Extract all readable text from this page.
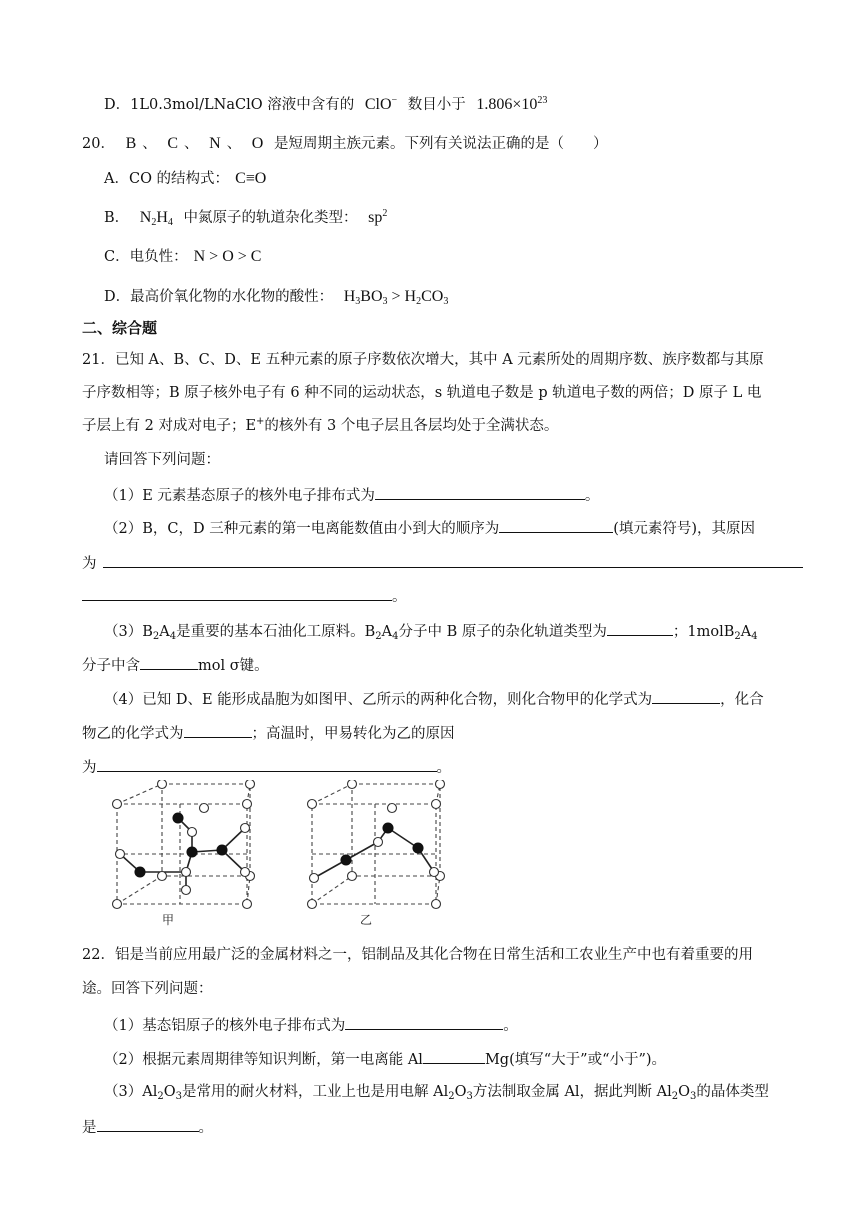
D．1L0.3mol/LNaClO 溶液中含有的 ClO− 数目小于 $1.806\times 10^{23}$
20． B 、 C 、 N 、 O 是短周期主族元素。下列有关说法正确的是（　　）
A．CO 的结构式： C≡O
B． $N_2H_4$ 中氮原子的轨道杂化类型： $sp^2$
C．电负性： N > O > C
D．最高价氧化物的水化物的酸性： $H_3BO_3 > H_2CO_3$
二、综合题
21．已知 A、B、C、D、E 五种元素的原子序数依次增大，其中 A 元素所处的周期序数、族序数都与其原
子序数相等；B 原子核外电子有 6 种不同的运动状态，s 轨道电子数是 p 轨道电子数的两倍；D 原子 L 电
子层上有 2 对成对电子；E+的核外有 3 个电子层且各层均处于全满状态。
请回答下列问题：
（1）E 元素基态原子的核外电子排布式为	。
（2）B，C，D 三种元素的第一电离能数值由小到大的顺序为	(填元素符号)，其原因
为
。
$(3)B_2A_4$是重要的基本石油化工原料。$B_2A_4$分子中 B 原子的杂化轨道类型为	；$1molB_2A_4$
分子中含	mol σ键。
（4）已知 D、E 能形成晶胞为如图甲、乙所示的两种化合物，则化合物甲的化学式为	，化合
物乙的化学式为	；高温时，甲易转化为乙的原因
为	。
甲	乙
22．铝是当前应用最广泛的金属材料之一，铝制品及其化合物在日常生活和工农业生产中也有着重要的用
途。回答下列问题：
（1）基态铝原子的核外电子排布式为	。
（2）根据元素周期律等知识判断，第一电离能 Al	Mg(填写“大于”或“小于”)。
$(3)Al_2O_3$是常用的耐火材料，工业上也是用电解 $Al_2O_3$方法制取金属 Al，据此判断 $Al_2O_3$的晶体类型
是	。
